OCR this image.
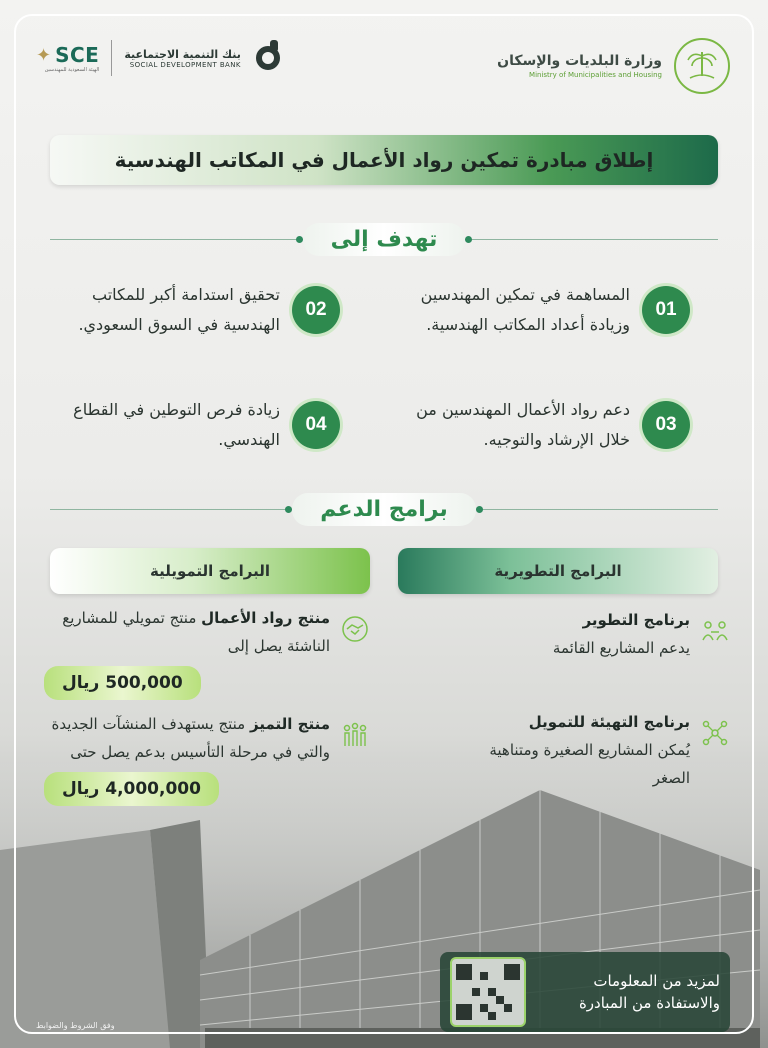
وزارة البلديات والإسكان
Ministry of Municipalities and Housing
✦ SCE
الهيئة السعودية للمهندسين
بنك التنمية الاجتماعية
SOCIAL DEVELOPMENT BANK
إطلاق مبادرة تمكين رواد الأعمال في المكاتب الهندسية
تهدف إلى
01
المساهمة في تمكين المهندسين وزيادة أعداد المكاتب الهندسية.
02
تحقيق استدامة أكبر للمكاتب الهندسية في السوق السعودي.
03
دعم رواد الأعمال المهندسين من خلال الإرشاد والتوجيه.
04
زيادة فرص التوطين في القطاع الهندسي.
برامج الدعم
البرامج التطويرية
البرامج التمويلية
برنامج التطوير
يدعم المشاريع القائمة
برنامج التهيئة للتمويل
يُمكن المشاريع الصغيرة ومتناهية الصغر
منتج رواد الأعمال منتج تمويلي للمشاريع الناشئة يصل إلى
500,000 ريال
منتج التميز منتج يستهدف المنشآت الجديدة والتي في مرحلة التأسيس بدعم يصل حتى
4,000,000 ريال
لمزيد من المعلومات والاستفادة من المبادرة
وفق الشروط والضوابط
